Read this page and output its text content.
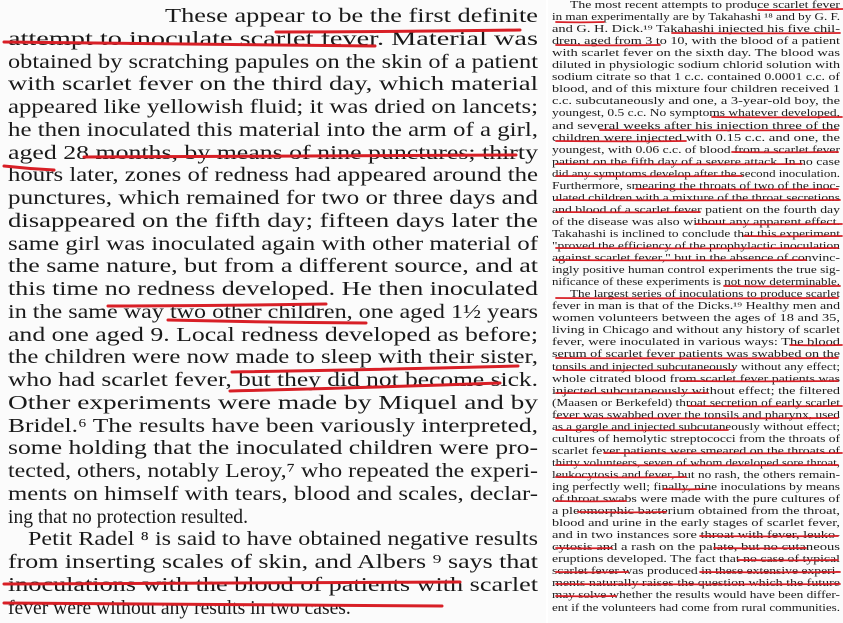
These appear to be the first definite
attempt to inoculate scarlet fever. Material was
obtained by scratching papules on the skin of a patient
with scarlet fever on the third day, which material
appeared like yellowish fluid; it was dried on lancets;
he then inoculated this material into the arm of a girl,
aged 28 months, by means of nine punctures; thirty
hours later, zones of redness had appeared around the
punctures, which remained for two or three days and
disappeared on the fifth day; fifteen days later the
same girl was inoculated again with other material of
the same nature, but from a different source, and at
this time no redness developed. He then inoculated
in the same way two other children, one aged 1½ years
and one aged 9. Local redness developed as before;
the children were now made to sleep with their sister,
who had scarlet fever, but they did not become sick.
Other experiments were made by Miquel and by
Bridel.⁶ The results have been variously interpreted,
some holding that the inoculated children were pro-
tected, others, notably Leroy,⁷ who repeated the experi-
ments on himself with tears, blood and scales, declar-
ing that no protection resulted.
Petit Radel ⁸ is said to have obtained negative results
from inserting scales of skin, and Albers ⁹ says that
inoculations with the blood of patients with scarlet
fever were without any results in two cases.
The most recent attempts to produce scarlet fever
in man experimentally are by Takahashi ¹⁸ and by G. F.
and G. H. Dick.¹⁹ Takahashi injected his five chil-
dren, aged from 3 to 10, with the blood of a patient
with scarlet fever on the sixth day. The blood was
diluted in physiologic sodium chlorid solution with
sodium citrate so that 1 c.c. contained 0.0001 c.c. of
blood, and of this mixture four children received 1
c.c. subcutaneously and one, a 3-year-old boy, the
youngest, 0.5 c.c. No symptoms whatever developed,
and several weeks after his injection three of the
children were injected with 0.15 c.c. and one, the
youngest, with 0.06 c.c. of blood from a scarlet fever
patient on the fifth day of a severe attack. In no case
did any symptoms develop after the second inoculation.
Furthermore, smearing the throats of two of the inoc-
ulated children with a mixture of the throat secretions
and blood of a scarlet fever patient on the fourth day
of the disease was also without any apparent effect.
Takahashi is inclined to conclude that this experiment
"proved the efficiency of the prophylactic inoculation
against scarlet fever," but in the absence of convinc-
ingly positive human control experiments the true sig-
nificance of these experiments is not now determinable.
The largest series of inoculations to produce scarlet
fever in man is that of the Dicks.¹⁹ Healthy men and
women volunteers between the ages of 18 and 35,
living in Chicago and without any history of scarlet
fever, were inoculated in various ways: The blood
serum of scarlet fever patients was swabbed on the
tonsils and injected subcutaneously without any effect;
whole citrated blood from scarlet fever patients was
injected subcutaneously without effect; the filtered
(Maasen or Berkefeld) throat secretion of early scarlet
fever was swabbed over the tonsils and pharynx, used
as a gargle and injected subcutaneously without effect;
cultures of hemolytic streptococci from the throats of
scarlet fever patients were smeared on the throats of
thirty volunteers, seven of whom developed sore throat,
leukocytosis and fever, but no rash, the others remain-
ing perfectly well; finally, nine inoculations by means
of throat swabs were made with the pure cultures of
a pleomorphic bacterium obtained from the throat,
blood and urine in the early stages of scarlet fever,
and in two instances sore throat with fever, leuko-
cytosis and a rash on the palate, but no cutaneous
eruptions developed. The fact that no case of typical
scarlet fever was produced in these extensive experi-
ments naturally raises the question which the future
may solve whether the results would have been differ-
ent if the volunteers had come from rural communities.
